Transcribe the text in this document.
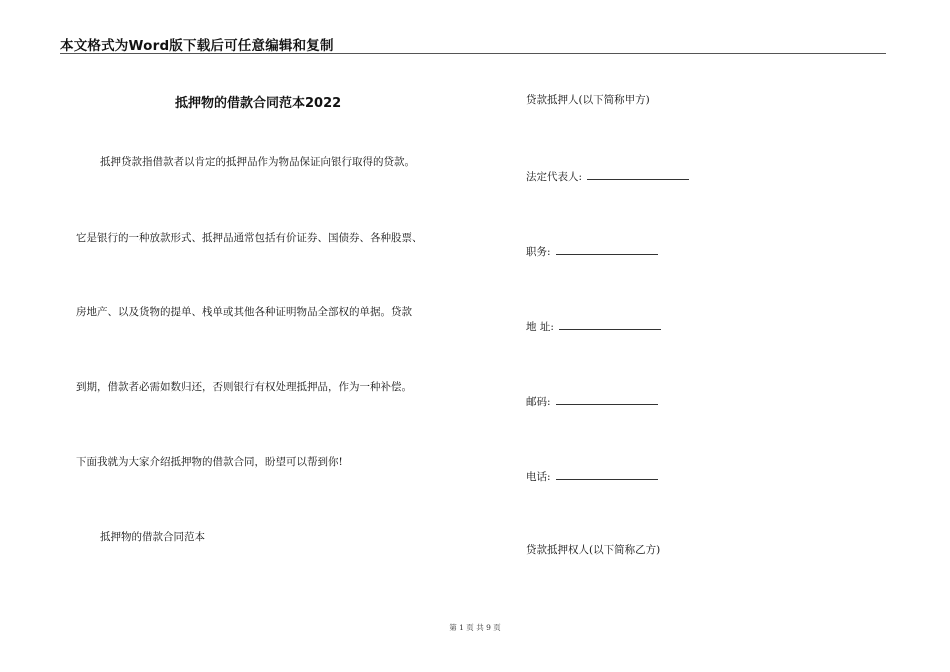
本文格式为Word版下载后可任意编辑和复制
抵押物的借款合同范本2022
抵押贷款指借款者以肯定的抵押品作为物品保证向银行取得的贷款。
它是银行的一种放款形式、抵押品通常包括有价证券、国债券、各种股票、
房地产、以及货物的提单、栈单或其他各种证明物品全部权的单据。贷款
到期，借款者必需如数归还，否则银行有权处理抵押品，作为一种补偿。
下面我就为大家介绍抵押物的借款合同，盼望可以帮到你!
抵押物的借款合同范本
贷款抵押人(以下简称甲方)
法定代表人:
职务:
地 址:
邮码:
电话:
贷款抵押权人(以下简称乙方)
第 1 页 共 9 页
